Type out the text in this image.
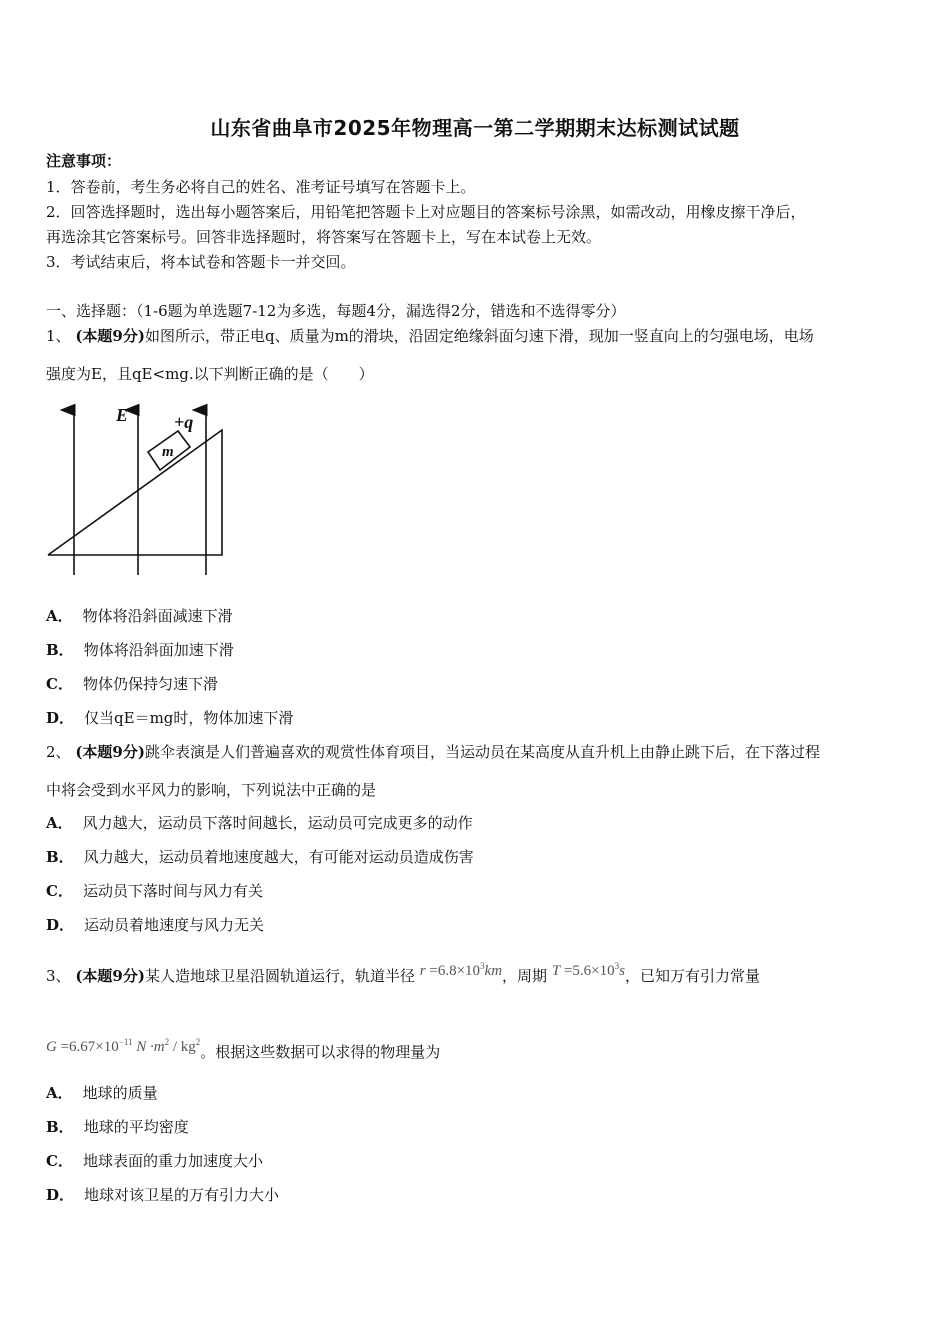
山东省曲阜市2025年物理高一第二学期期末达标测试试题
注意事项：
1．答卷前，考生务必将自己的姓名、准考证号填写在答题卡上。
2．回答选择题时，选出每小题答案后，用铅笔把答题卡上对应题目的答案标号涂黑，如需改动，用橡皮擦干净后，
再选涂其它答案标号。回答非选择题时，将答案写在答题卡上，写在本试卷上无效。
3．考试结束后，将本试卷和答题卡一并交回。
一、选择题：（1-6题为单选题7-12为多选，每题4分，漏选得2分，错选和不选得零分）
1、 (本题9分)如图所示，带正电q、质量为m的滑块，沿固定绝缘斜面匀速下滑，现加一竖直向上的匀强电场，电场
强度为E，且qE<mg.以下判断正确的是（　　）
E	+q
m
A． 物体将沿斜面减速下滑
B． 物体将沿斜面加速下滑
C． 物体仍保持匀速下滑
D． 仅当qE＝mg时，物体加速下滑
2、 (本题9分)跳伞表演是人们普遍喜欢的观赏性体育项目，当运动员在某高度从直升机上由静止跳下后，在下落过程
中将会受到水平风力的影响，下列说法中正确的是
A． 风力越大，运动员下落时间越长，运动员可完成更多的动作
B． 风力越大，运动员着地速度越大，有可能对运动员造成伤害
C． 运动员下落时间与风力有关
D． 运动员着地速度与风力无关
3、 (本题9分)某人造地球卫星沿圆轨道运行，轨道半径 $r =6.8\times 10^3km$，周期 $T =5.6\times 10^3s$，已知万有引力常量
$G =6.67\times 10^{-11}$ $N \cdot m^2 / kg^2$。根据这些数据可以求得的物理量为
A． 地球的质量
B． 地球的平均密度
C． 地球表面的重力加速度大小
D． 地球对该卫星的万有引力大小
